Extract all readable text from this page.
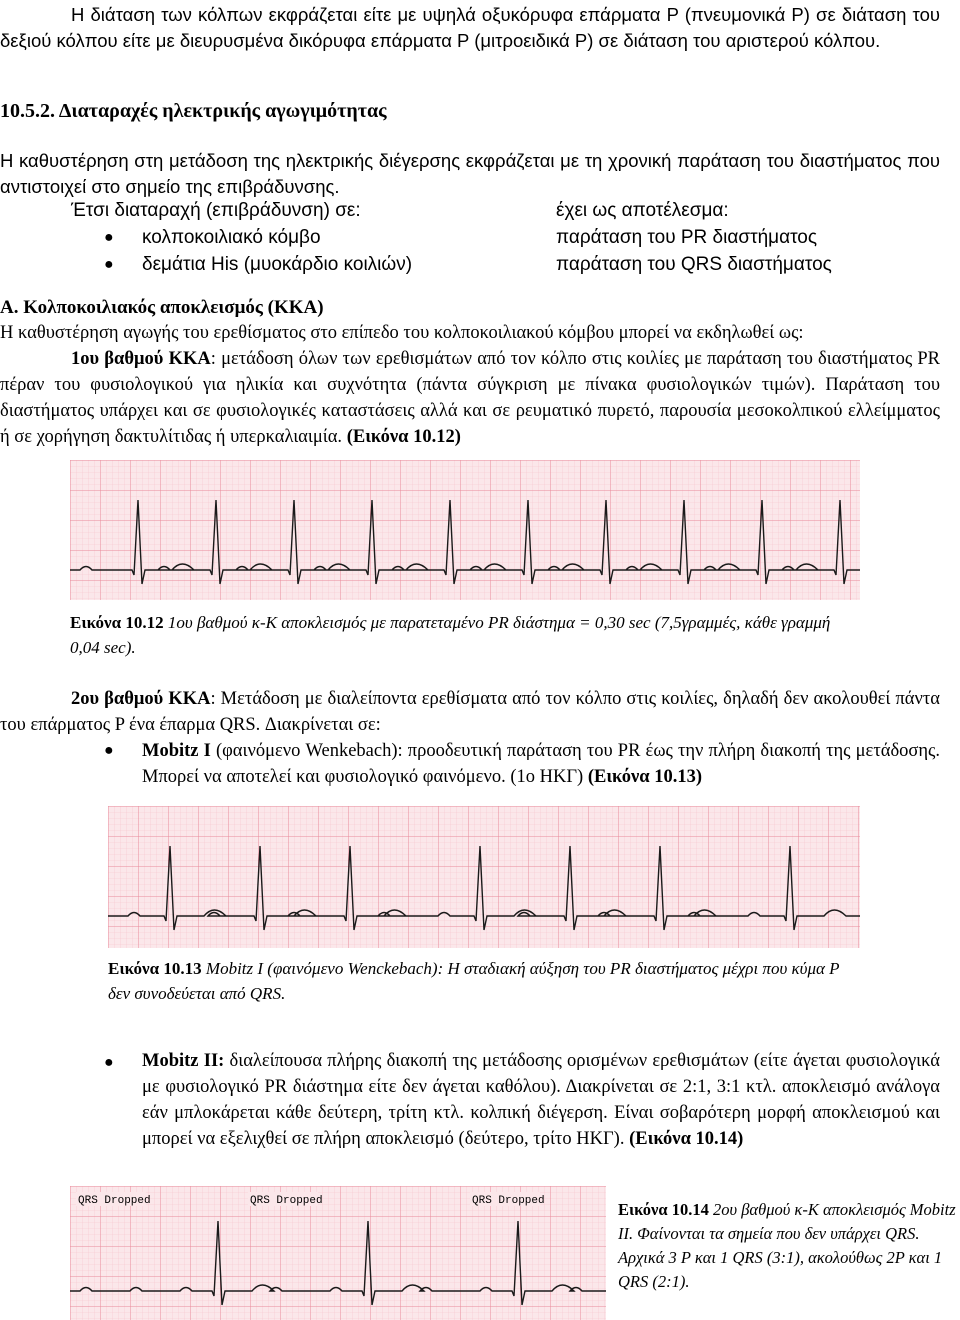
Η διάταση των κόλπων εκφράζεται είτε με υψηλά οξυκόρυφα επάρματα P (πνευμονικά P) σε διάταση του δεξιού κόλπου είτε με διευρυσμένα δικόρυφα επάρματα P (μιτροειδικά P) σε διάταση του αριστερού κόλπου.
10.5.2. Διαταραχές ηλεκτρικής αγωγιμότητας
Η καθυστέρηση στη μετάδοση της ηλεκτρικής διέγερσης εκφράζεται με τη χρονική παράταση του διαστήματος που αντιστοιχεί στο σημείο της επιβράδυνσης.
Έτσι διαταραχή (επιβράδυνση) σε:	έχει ως αποτέλεσμα:
● κολποκοιλιακό κόμβο	παράταση του PR διαστήματος
● δεμάτια His (μυοκάρδιο κοιλιών)	παράταση του QRS διαστήματος
Α. Κολποκοιλιακός αποκλεισμός (ΚΚΑ)
Η καθυστέρηση αγωγής του ερεθίσματος στο επίπεδο του κολποκοιλιακού κόμβου μπορεί να εκδηλωθεί ως:
1ου βαθμού ΚΚΑ: μετάδοση όλων των ερεθισμάτων από τον κόλπο στις κοιλίες με παράταση του διαστήματος PR πέραν του φυσιολογικού για ηλικία και συχνότητα (πάντα σύγκριση με πίνακα φυσιολογικών τιμών). Παράταση του διαστήματος υπάρχει και σε φυσιολογικές καταστάσεις αλλά και σε ρευματικό πυρετό, παρουσία μεσοκολπικού ελλείμματος ή σε χορήγηση δακτυλίτιδας ή υπερκαλιαιμία. (Εικόνα 10.12)
Εικόνα 10.12 1ου βαθμού κ-Κ αποκλεισμός με παρατεταμένο PR διάστημα = 0,30 sec (7,5γραμμές, κάθε γραμμή 0,04 sec).
2ου βαθμού ΚΚΑ: Μετάδοση με διαλείποντα ερεθίσματα από τον κόλπο στις κοιλίες, δηλαδή δεν ακολουθεί πάντα του επάρματος P ένα έπαρμα QRS. Διακρίνεται σε:
● Mobitz I (φαινόμενο Wenkebach): προοδευτική παράταση του PR έως την πλήρη διακοπή της μετάδοσης. Μπορεί να αποτελεί και φυσιολογικό φαινόμενο. (1ο ΗΚΓ) (Εικόνα 10.13)
Εικόνα 10.13 Mobitz I (φαινόμενο Wenckebach): Η σταδιακή αύξηση του PR διαστήματος μέχρι που κύμα P δεν συνοδεύεται από QRS.
● Mobitz II: διαλείπουσα πλήρης διακοπή της μετάδοσης ορισμένων ερεθισμάτων (είτε άγεται φυσιολογικά με φυσιολογικό PR διάστημα είτε δεν άγεται καθόλου). Διακρίνεται σε 2:1, 3:1 κτλ. αποκλεισμό ανάλογα εάν μπλοκάρεται κάθε δεύτερη, τρίτη κτλ. κολπική διέγερση. Είναι σοβαρότερη μορφή αποκλεισμού και μπορεί να εξελιχθεί σε πλήρη αποκλεισμό (δεύτερο, τρίτο ΗΚΓ). (Εικόνα 10.14)
QRS Dropped	QRS Dropped	QRS Dropped	Εικόνα 10.14 2ου βαθμού κ-Κ αποκλεισμός Mobitz II. Φαίνονται τα σημεία που δεν υπάρχει QRS. Αρχικά 3 P και 1 QRS (3:1), ακολούθως 2P και 1 QRS (2:1).
